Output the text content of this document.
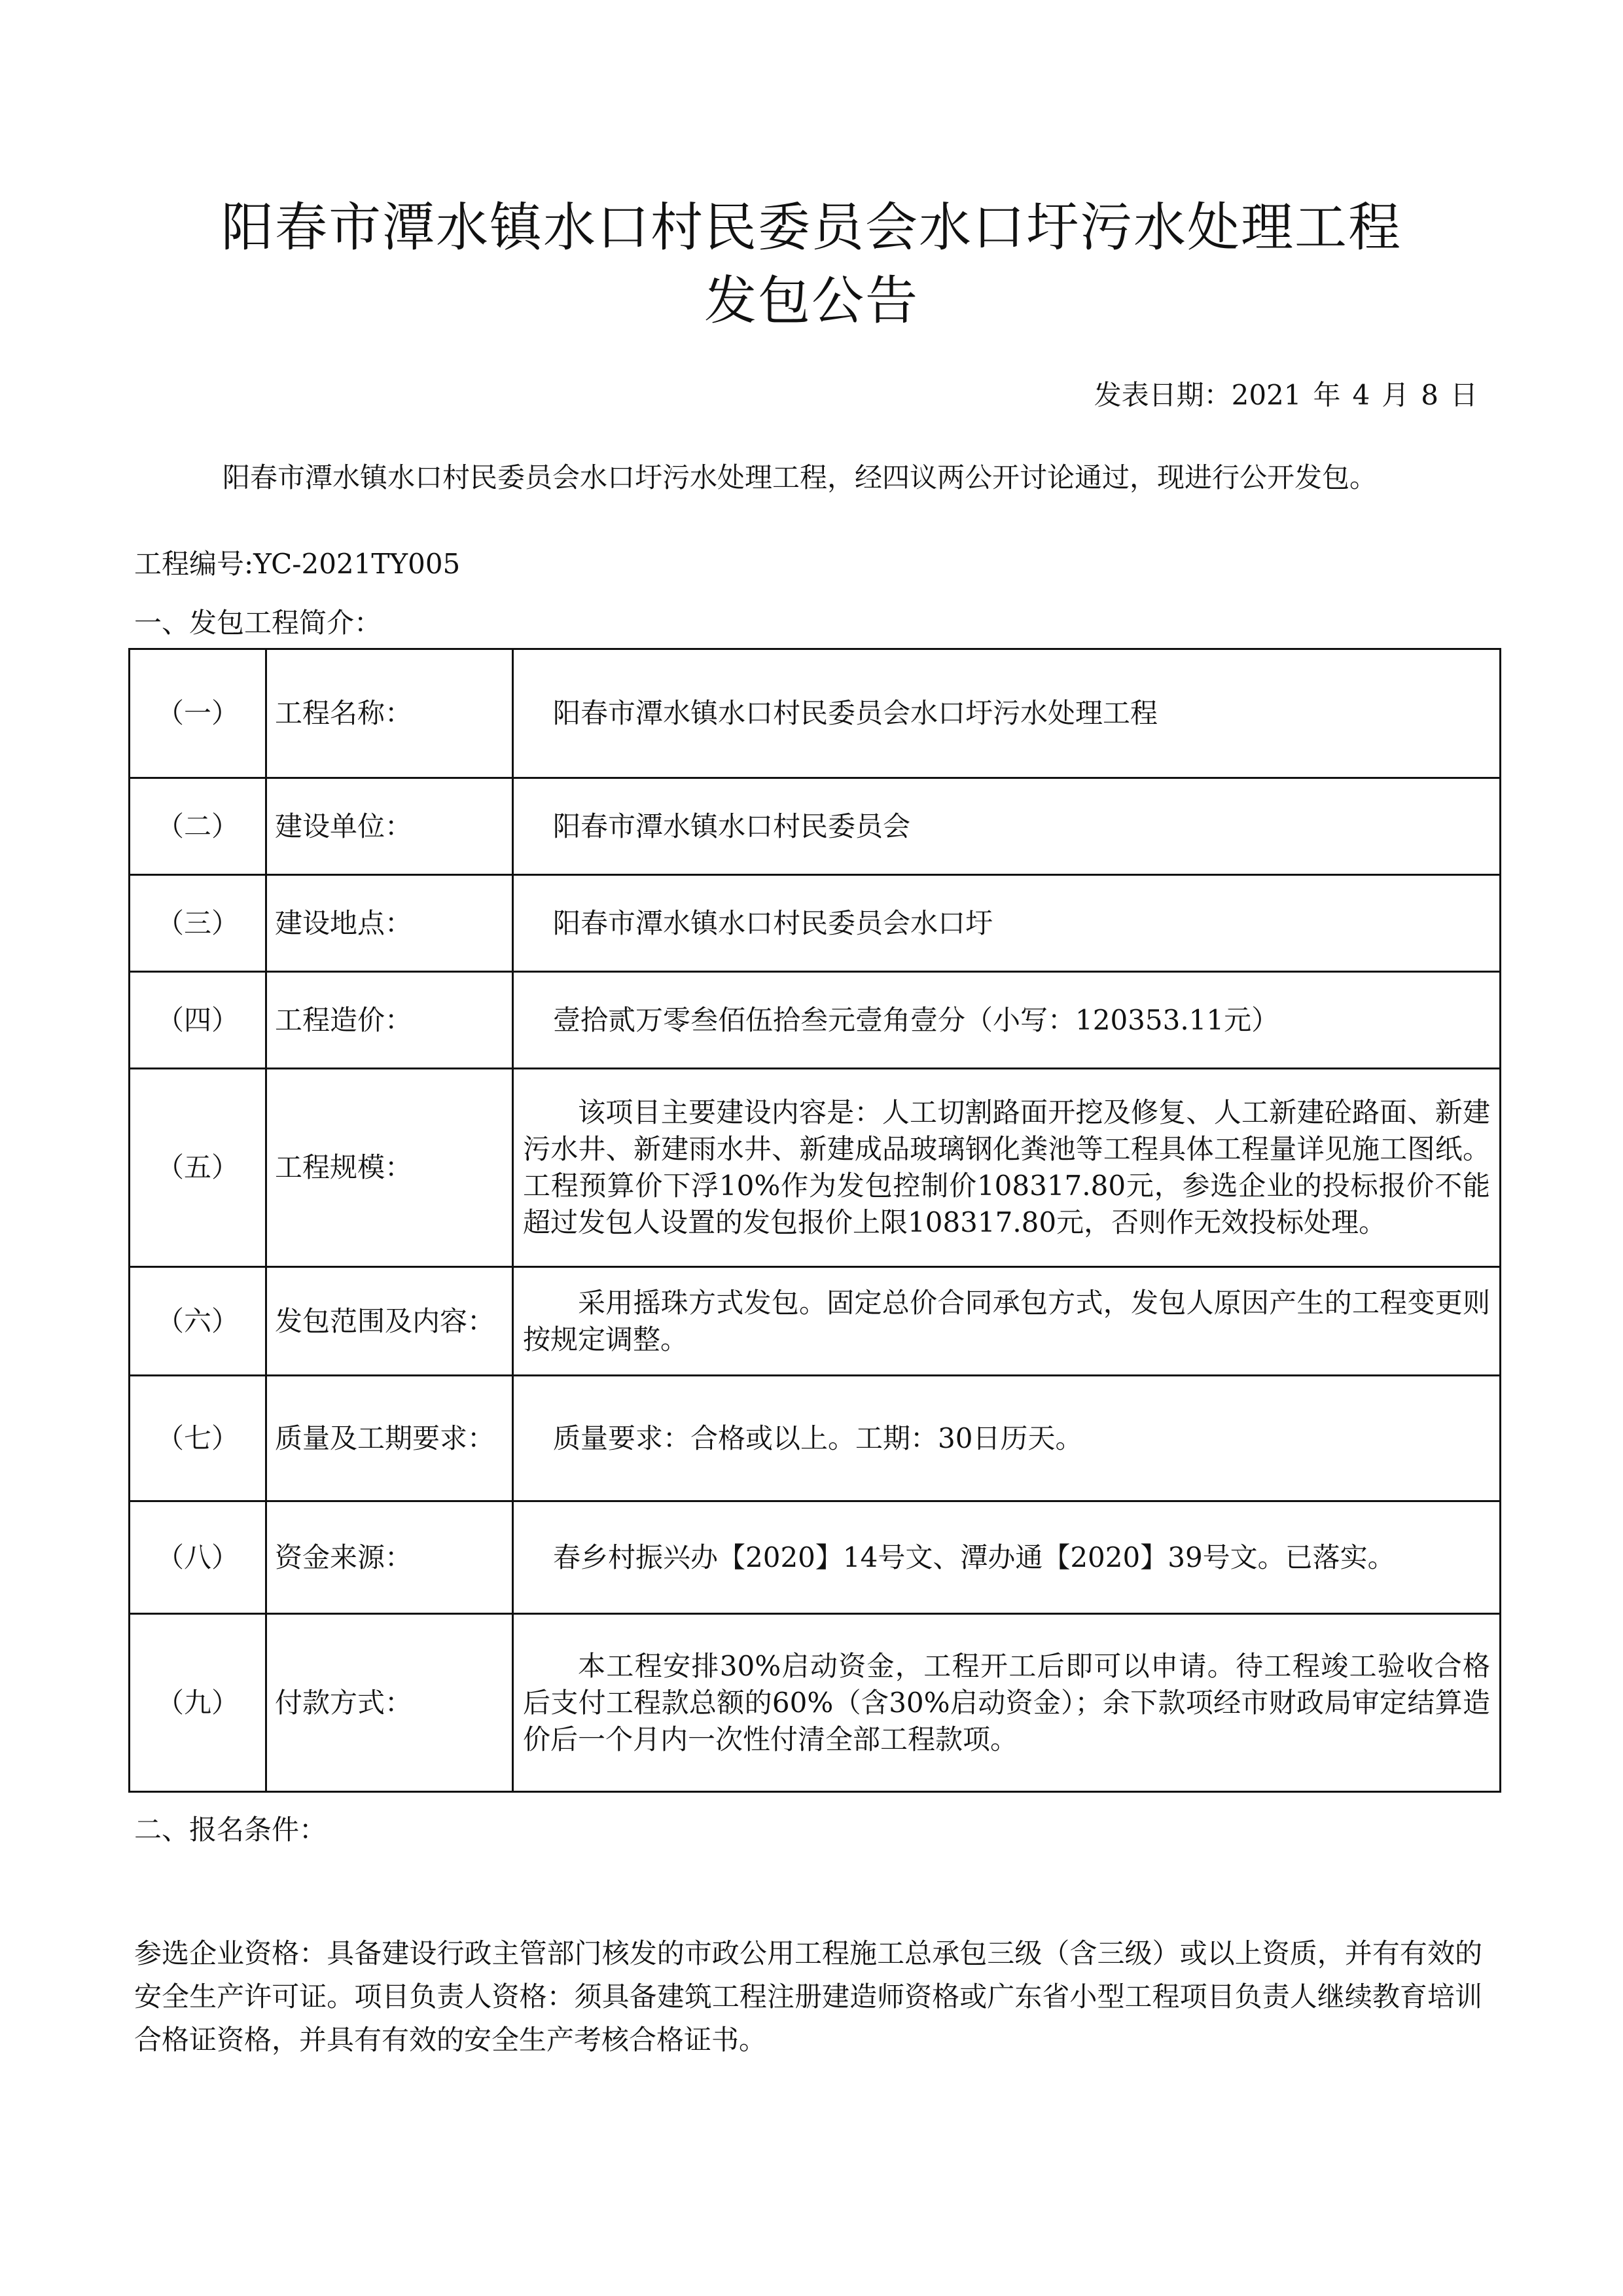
阳春市潭水镇水口村民委员会水口圩污水处理工程
发包公告
发表日期：2021 年 4 月 8 日
阳春市潭水镇水口村民委员会水口圩污水处理工程，经四议两公开讨论通过，现进行公开发包。
工程编号:YC-2021TY005
一、发包工程简介：
（一）	工程名称：	阳春市潭水镇水口村民委员会水口圩污水处理工程
（二）	建设单位：	阳春市潭水镇水口村民委员会
（三）	建设地点：	阳春市潭水镇水口村民委员会水口圩
（四）	工程造价：	壹拾贰万零叁佰伍拾叁元壹角壹分（小写：120353.11元）
（五）	工程规模：	该项目主要建设内容是：人工切割路面开挖及修复、人工新建砼路面、新建污水井、新建雨水井、新建成品玻璃钢化粪池等工程具体工程量详见施工图纸。工程预算价下浮10%作为发包控制价108317.80元，参选企业的投标报价不能超过发包人设置的发包报价上限108317.80元，否则作无效投标处理。

（六）	发包范围及内容：	采用摇珠方式发包。固定总价合同承包方式，发包人原因产生的工程变更则按规定调整。

（七）	质量及工期要求：	质量要求：合格或以上。工期：30日历天。
（八）	资金来源：	春乡村振兴办【2020】14号文、潭办通【2020】39号文。已落实。
（九）	付款方式：	本工程安排30%启动资金，工程开工后即可以申请。待工程竣工验收合格后支付工程款总额的60%（含30%启动资金）；余下款项经市财政局审定结算造价后一个月内一次性付清全部工程款项。
二、报名条件：
参选企业资格：具备建设行政主管部门核发的市政公用工程施工总承包三级（含三级）或以上资质，并有有效的安全生产许可证。项目负责人资格：须具备建筑工程注册建造师资格或广东省小型工程项目负责人继续教育培训合格证资格，并具有有效的安全生产考核合格证书。
